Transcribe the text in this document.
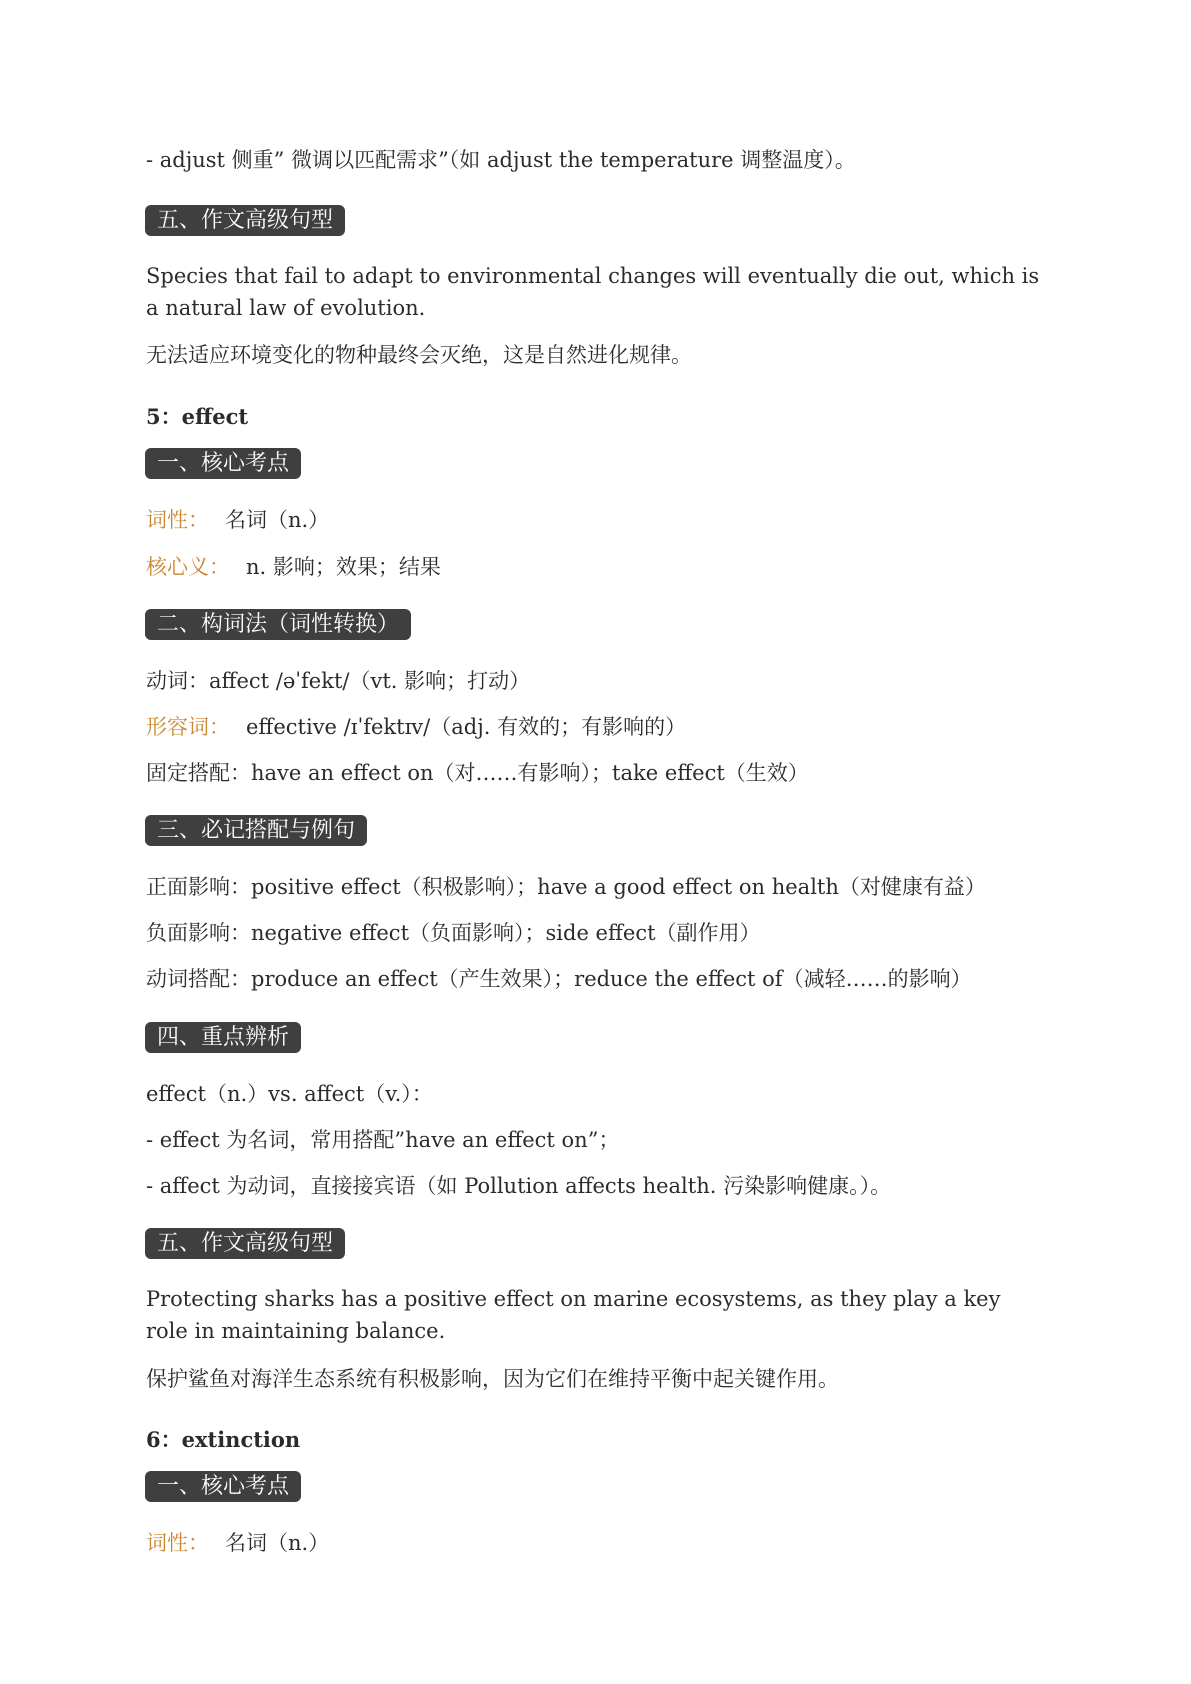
- adjust 侧重” 微调以匹配需求”（如 adjust the temperature 调整温度）。
五、作文高级句型
Species that fail to adapt to environmental changes will eventually die out, which is a natural law of evolution.
无法适应环境变化的物种最终会灭绝，这是自然进化规律。
5：effect
一、核心考点
词性： 名词（n.）
核心义： n. 影响；效果；结果
二、构词法（词性转换）
动词：affect /əˈfekt/（vt. 影响；打动）
形容词： effective /ɪˈfektɪv/（adj. 有效的；有影响的）
固定搭配：have an effect on（对……有影响）；take effect（生效）
三、必记搭配与例句
正面影响：positive effect（积极影响）；have a good effect on health（对健康有益）
负面影响：negative effect（负面影响）；side effect（副作用）
动词搭配：produce an effect（产生效果）；reduce the effect of（减轻……的影响）
四、重点辨析
effect（n.）vs. affect（v.）：
- effect 为名词，常用搭配”have an effect on”；
- affect 为动词，直接接宾语（如 Pollution affects health. 污染影响健康。）。
五、作文高级句型
Protecting sharks has a positive effect on marine ecosystems, as they play a key role in maintaining balance.
保护鲨鱼对海洋生态系统有积极影响，因为它们在维持平衡中起关键作用。
6：extinction
一、核心考点
词性： 名词（n.）
